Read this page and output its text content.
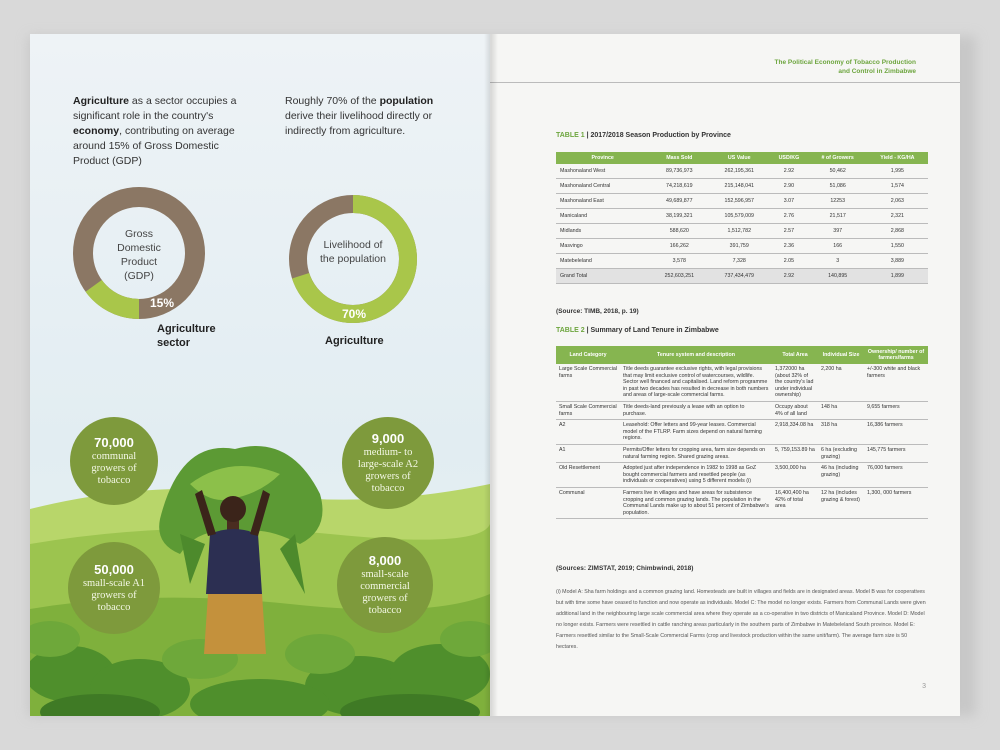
Agriculture as a sector occupies a significant role in the country's economy, contributing on average around 15% of Gross Domestic Product (GDP)
Roughly 70% of the population derive their livelihood directly or indirectly from agriculture.
Gross Domestic Product (GDP)
15%
Agriculture
sector
Livelihood of the population
70%
Agriculture
70,000
communal
growers of
tobacco
9,000
medium- to
large-scale A2
growers of
tobacco
50,000
small-scale A1
growers of
tobacco
8,000
small-scale
commercial
growers of
tobacco
The Political Economy of Tobacco Production
and Control in Zimbabwe
TABLE 1 | 2017/2018 Season Production by Province
Province	Mass Sold	US Value	USD/KG	# of Growers	Yield - KG/HA
Mashonaland West	89,736,973	262,195,361	2.92	50,462	1,995
Mashonaland Central	74,218,619	215,148,041	2.90	51,086	1,574
Mashonaland East	49,689,877	152,596,957	3.07	12253	2,063
Manicaland	38,199,321	105,579,009	2.76	21,517	2,321
Midlands	588,620	1,512,782	2.57	397	2,868
Masvingo	166,262	391,759	2.36	166	1,550
Matebeleland	3,578	7,328	2.05	3	3,889
Grand Total	252,603,251	737,434,479	2.92	140,895	1,899
(Source: TIMB, 2018, p. 19)
TABLE 2 | Summary of Land Tenure in Zimbabwe
Land Category	Tenure system and description	Total Area	Individual Size	Ownership/ number of farmers/farms
Large Scale Commercial farms	Title deeds guarantee exclusive rights, with legal provisions that may limit exclusive control of watercourses, wildlife. Sector well financed and capitalised. Land reform programme in past two decades has resulted in decrease in both numbers and areas of large-scale commercial farms.	1,372000 ha (about 32% of the country's lad under individual ownership)	2,200 ha	+/-300 white and black farmers
Small Scale Commercial farms	Title deeds-land previously a lease with an option to purchase.	Occupy about 4% of all land	148 ha	9,655 farmers
A2	Leasehold: Offer letters and 99-year leases. Commercial model of the FTLRP. Farm sizes depend on natural farming regions.	2,918,334.08 ha	318 ha	16,386 farmers
A1	Permits/Offer letters for cropping area, farm size depends on natural farming region. Shared grazing areas.	5, 759,153.89 ha	6 ha (excluding grazing)	145,775 farmers
Old Resettlement	Adopted just after independence in 1982 to 1998 as GoZ bought commercial farmers and resettled people (as individuals or cooperatives) using 5 different models (i)	3,500,000 ha	46 ha (including grazing)	76,000 farmers
Communal	Farmers live in villages and have areas for subsistence cropping and common grazing lands. The population in the Communal Lands make up to about 51 percent of Zimbabwe's population.	16,400,400 ha 42% of total area	12 ha (includes grazing & forest)	1,300, 000 farmers
(Sources: ZIMSTAT, 2019; Chimbwindi, 2018)
(i) Model A: Sha farm holdings and a common grazing land. Homesteads are built in villages and fields are in designated areas. Model B was for cooperatives but with time some have ceased to function and now operate as individuals. Model C: The model no longer exists. Farmers from Communal Lands were given additional land in the neighbouring large scale commercial area where they operate as a co-operative in two districts of Manicaland Province. Model D: Model no longer exists. Farmers were resettled in cattle ranching areas particularly in the southern parts of Zimbabwe in Matebeleland South province. Model E: Farmers resettled similar to the Small-Scale Commercial Farms (crop and livestock production within the same unit/farm). The average farm size is 50 hectares.
3
